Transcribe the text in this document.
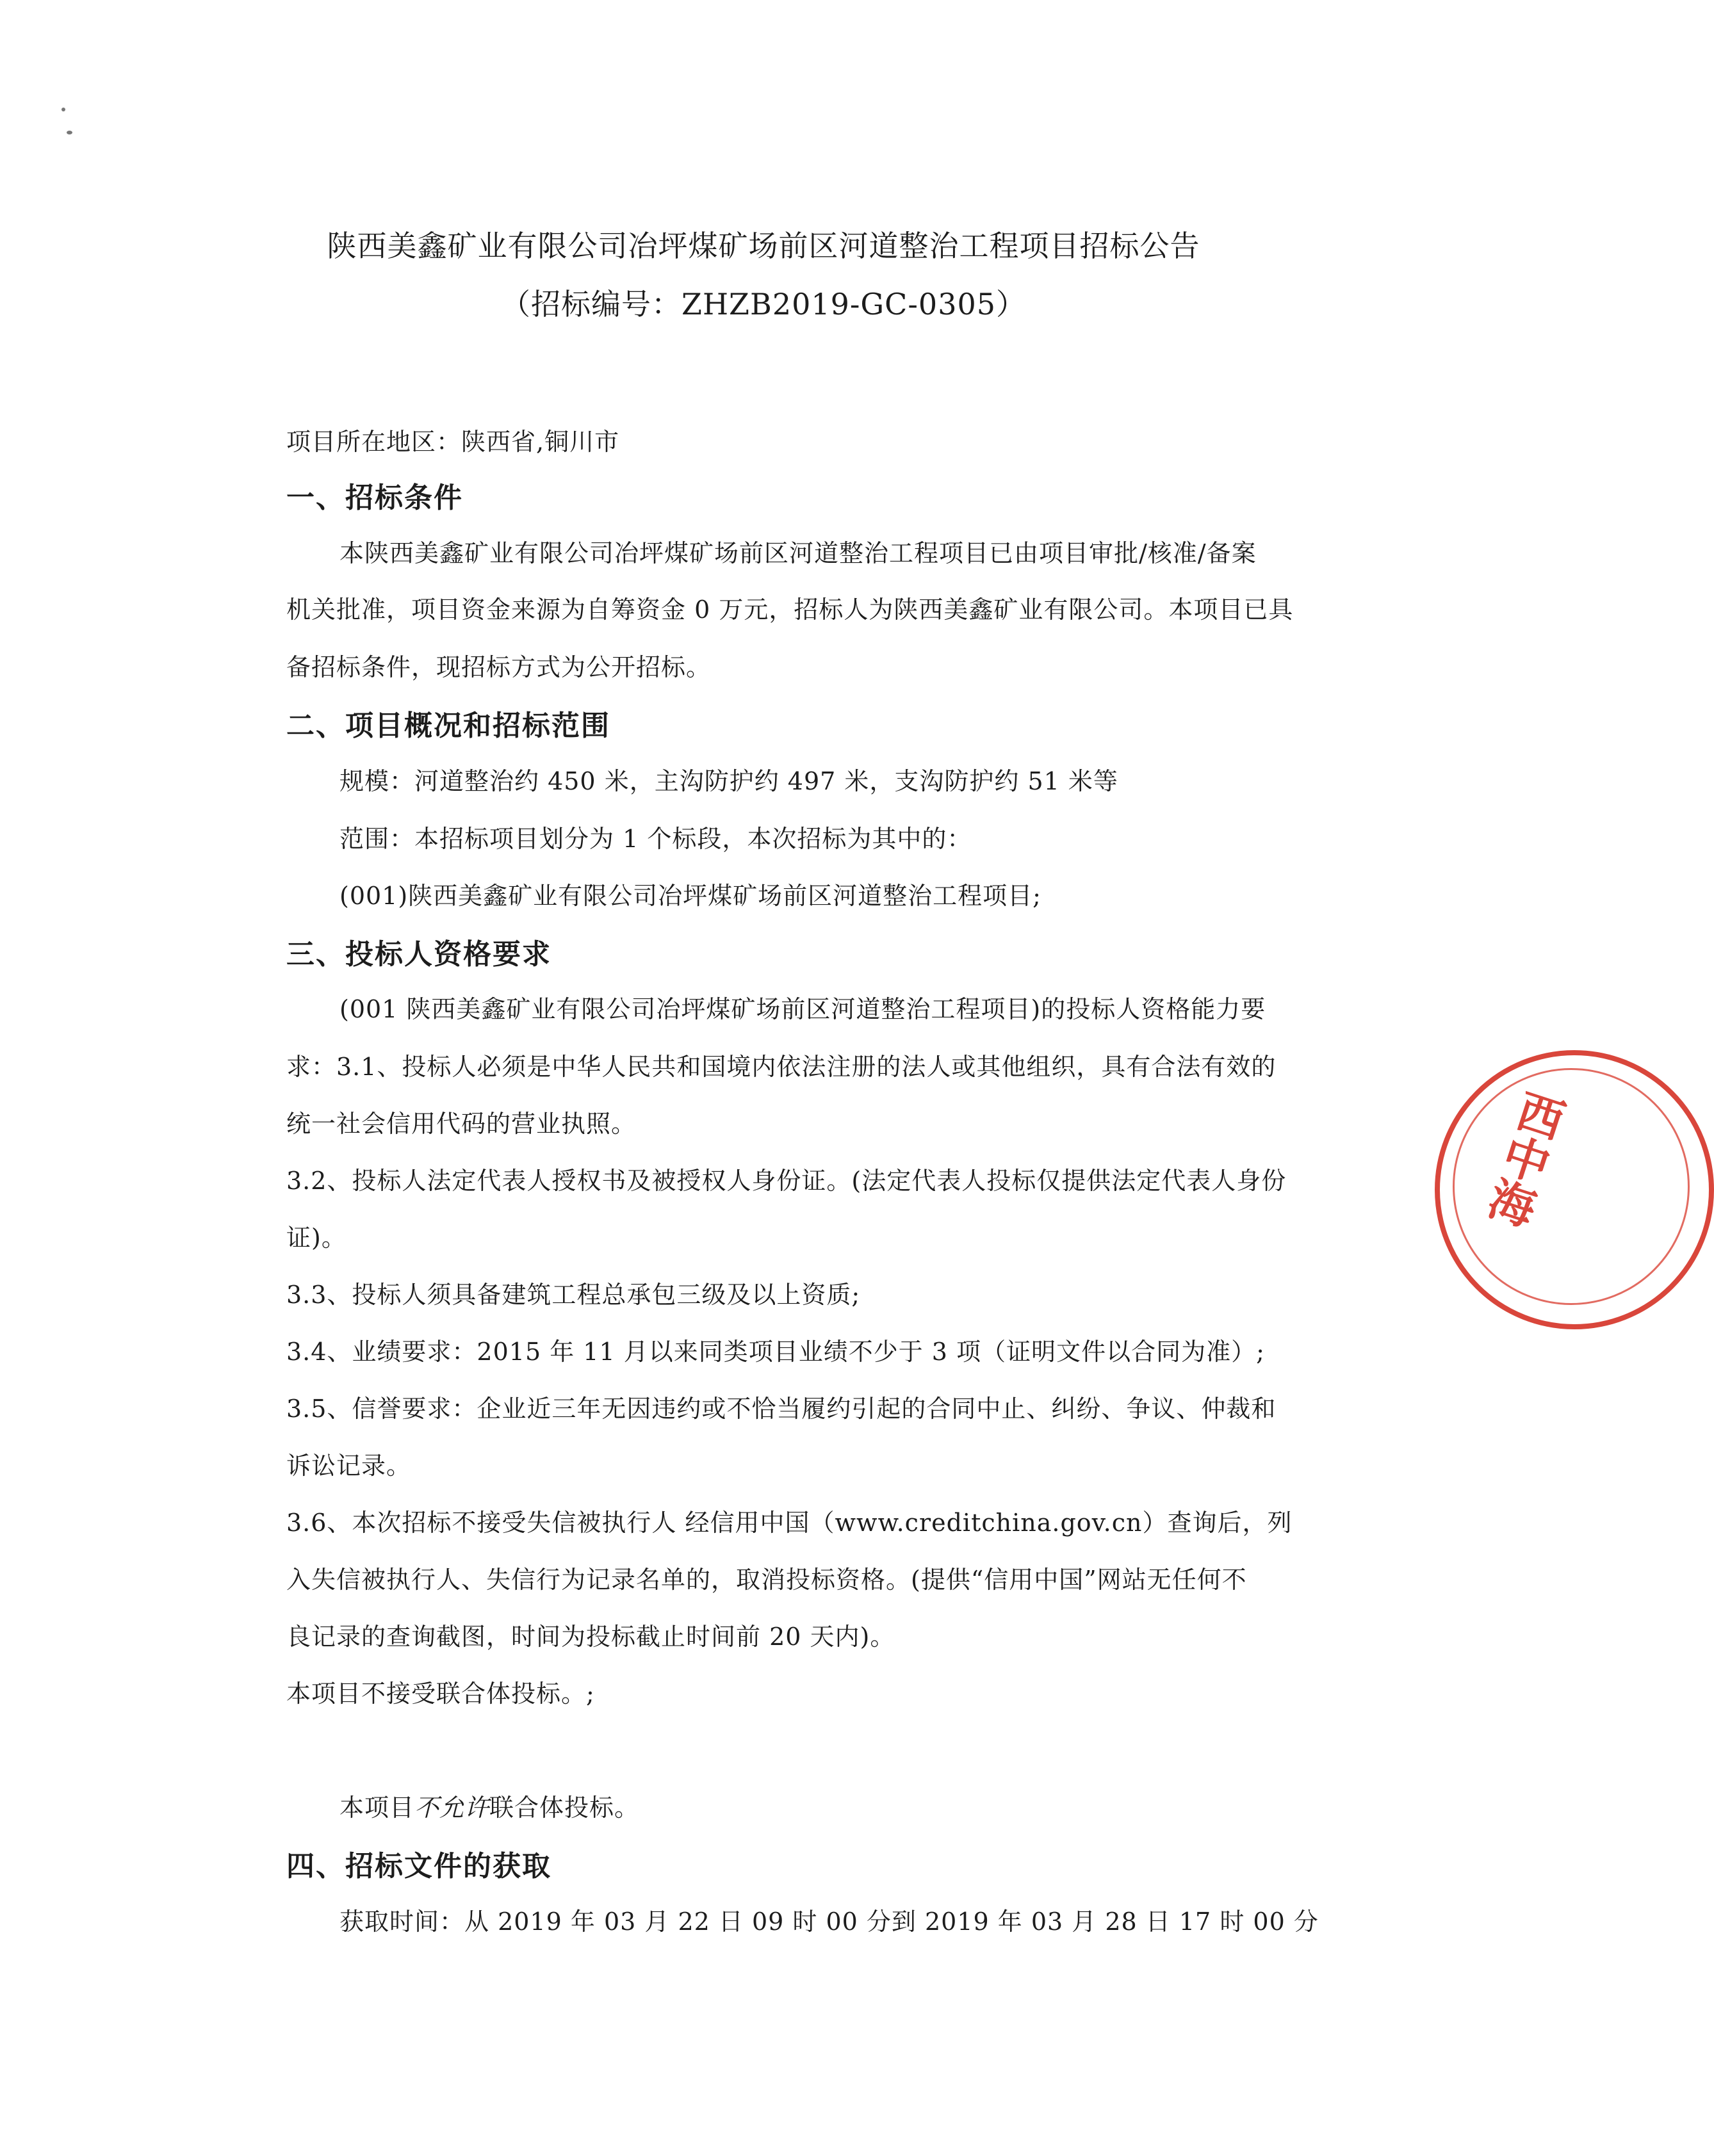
陕西美鑫矿业有限公司冶坪煤矿场前区河道整治工程项目招标公告
（招标编号：ZHZB2019-GC-0305）
项目所在地区：陕西省,铜川市
一、招标条件
本陕西美鑫矿业有限公司冶坪煤矿场前区河道整治工程项目已由项目审批/核准/备案
机关批准，项目资金来源为自筹资金 0 万元，招标人为陕西美鑫矿业有限公司。本项目已具
备招标条件，现招标方式为公开招标。
二、项目概况和招标范围
规模：河道整治约 450 米，主沟防护约 497 米，支沟防护约 51 米等
范围：本招标项目划分为 1 个标段，本次招标为其中的：
(001)陕西美鑫矿业有限公司冶坪煤矿场前区河道整治工程项目;
三、投标人资格要求
(001 陕西美鑫矿业有限公司冶坪煤矿场前区河道整治工程项目)的投标人资格能力要
求：3.1、投标人必须是中华人民共和国境内依法注册的法人或其他组织，具有合法有效的
统一社会信用代码的营业执照。
3.2、投标人法定代表人授权书及被授权人身份证。(法定代表人投标仅提供法定代表人身份
证)。
3.3、投标人须具备建筑工程总承包三级及以上资质;
3.4、业绩要求：2015 年 11 月以来同类项目业绩不少于 3 项（证明文件以合同为准）;
3.5、信誉要求：企业近三年无因违约或不恰当履约引起的合同中止、纠纷、争议、仲裁和
诉讼记录。
3.6、本次招标不接受失信被执行人 经信用中国（www.creditchina.gov.cn）查询后，列
入失信被执行人、失信行为记录名单的，取消投标资格。(提供“信用中国”网站无任何不
良记录的查询截图，时间为投标截止时间前 20 天内)。
本项目不接受联合体投标。;
本项目不允许联合体投标。
四、招标文件的获取
获取时间：从 2019 年 03 月 22 日 09 时 00 分到 2019 年 03 月 28 日 17 时 00 分
西中海
